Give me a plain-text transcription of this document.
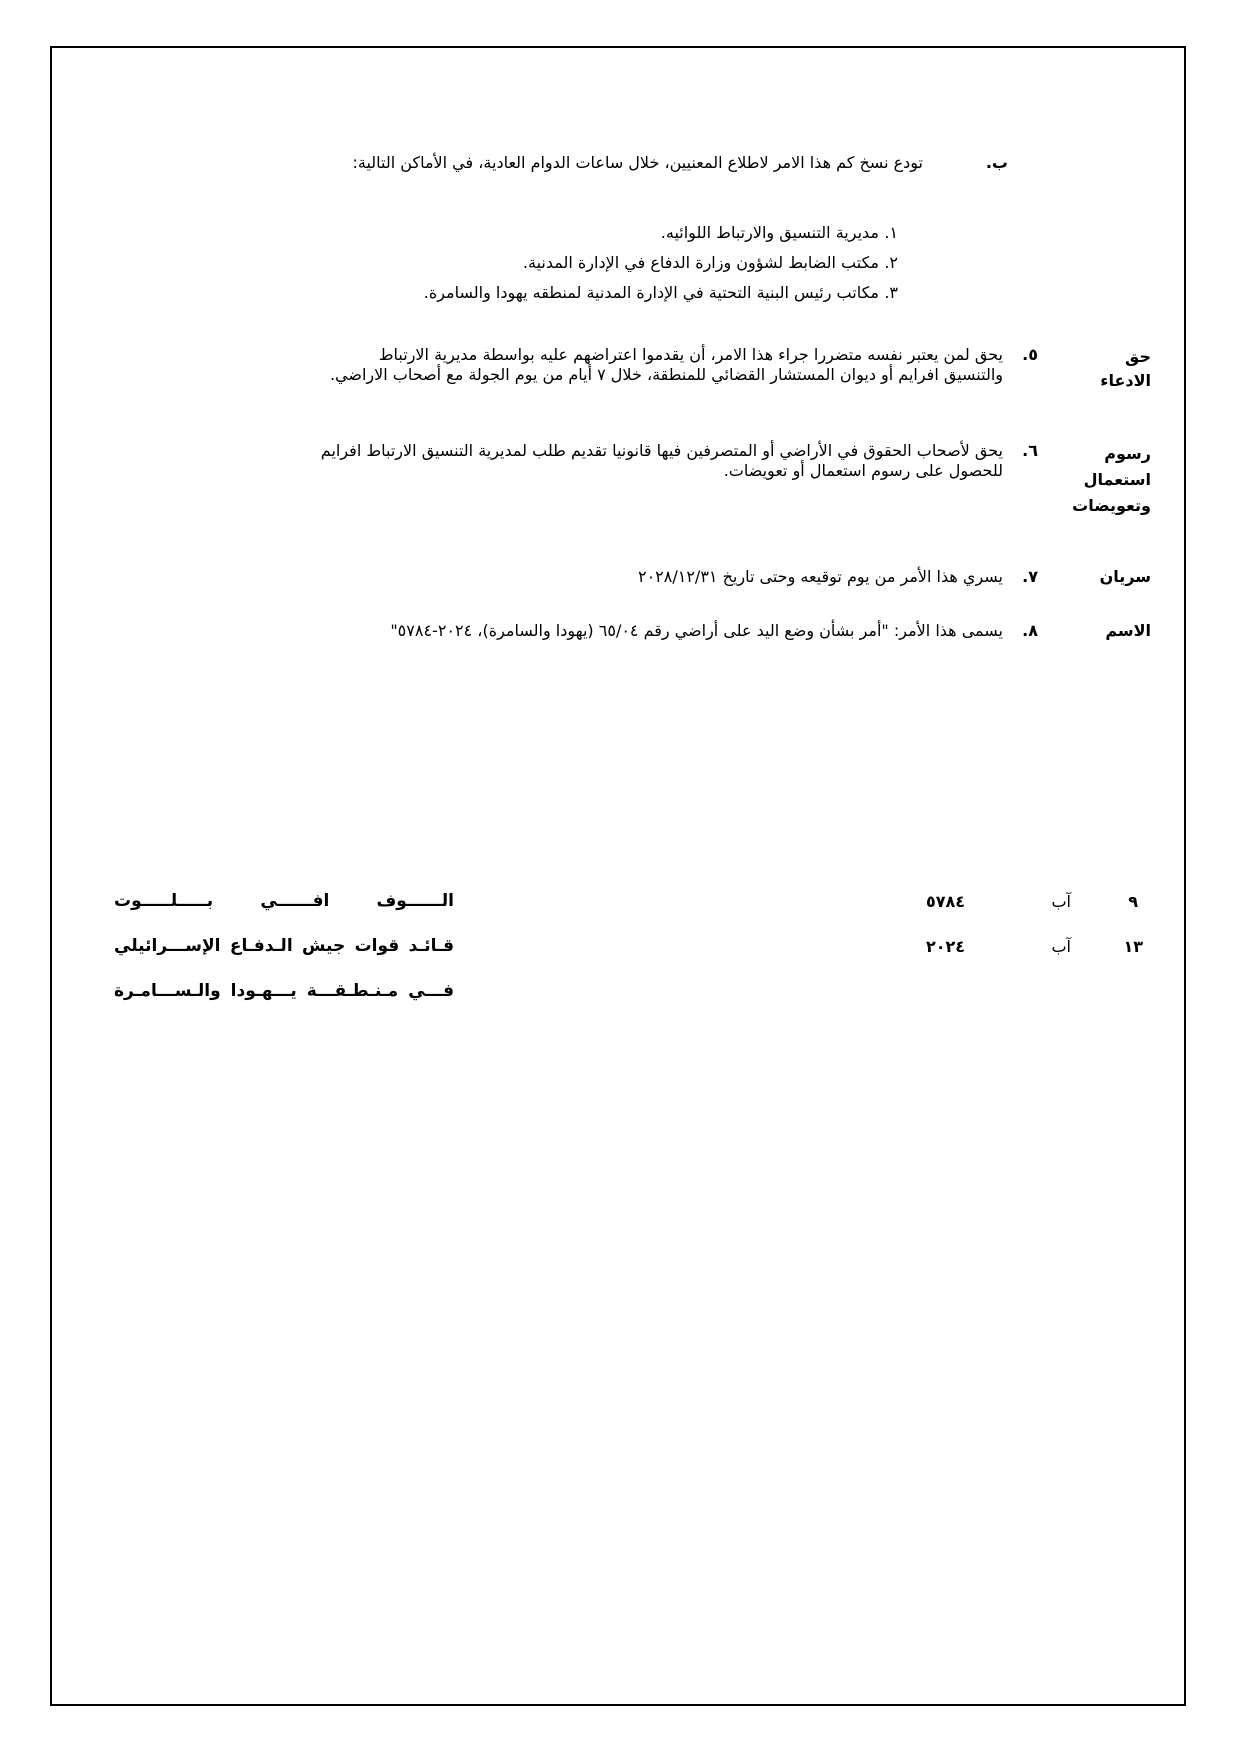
ب.
تودع نسخ كم هذا الامر لاطلاع المعنيين، خلال ساعات الدوام العادية، في الأماكن التالية:
١.
مديرية التنسيق والارتباط اللوائيه.
٢.
مكتب الضابط لشؤون وزارة الدفاع في الإدارة المدنية.
٣.
مكاتب رئيس البنية التحتية في الإدارة المدنية لمنطقه يهودا والسامرة.
حق
الادعاء
٥.
يحق لمن يعتبر نفسه متضررا جراء هذا الامر، أن يقدموا اعتراضهم عليه بواسطة مديرية الارتباط
والتنسيق افرايم أو ديوان المستشار القضائي للمنطقة، خلال ٧ أيام من يوم الجولة مع أصحاب الاراضي.
رسوم
استعمال
وتعويضات
٦.
يحق لأصحاب الحقوق في الأراضي أو المتصرفين فيها قانونيا تقديم طلب لمديرية التنسيق الارتباط افرايم
للحصول على رسوم استعمال أو تعويضات.
سريان
٧.
يسري هذا الأمر من يوم توقيعه وحتى تاريخ ٢٠٢٨/١٢/٣١
الاسم
٨.
يسمى هذا الأمر: "أمر بشأن وضع اليد على أراضي رقم ٦٥/٠٤ (يهودا والسامرة)، ٢٠٢٤-٥٧٨٤"
٩
آب
٥٧٨٤
١٣
آب
٢٠٢٤
الــــــوف افــــــي بـــــلـــــوت
قـائـد قوات جيش الـدفـاع الإســـرائيلي
فـــي مـنـطـقـــة يـــهـودا والـســـامـرة
